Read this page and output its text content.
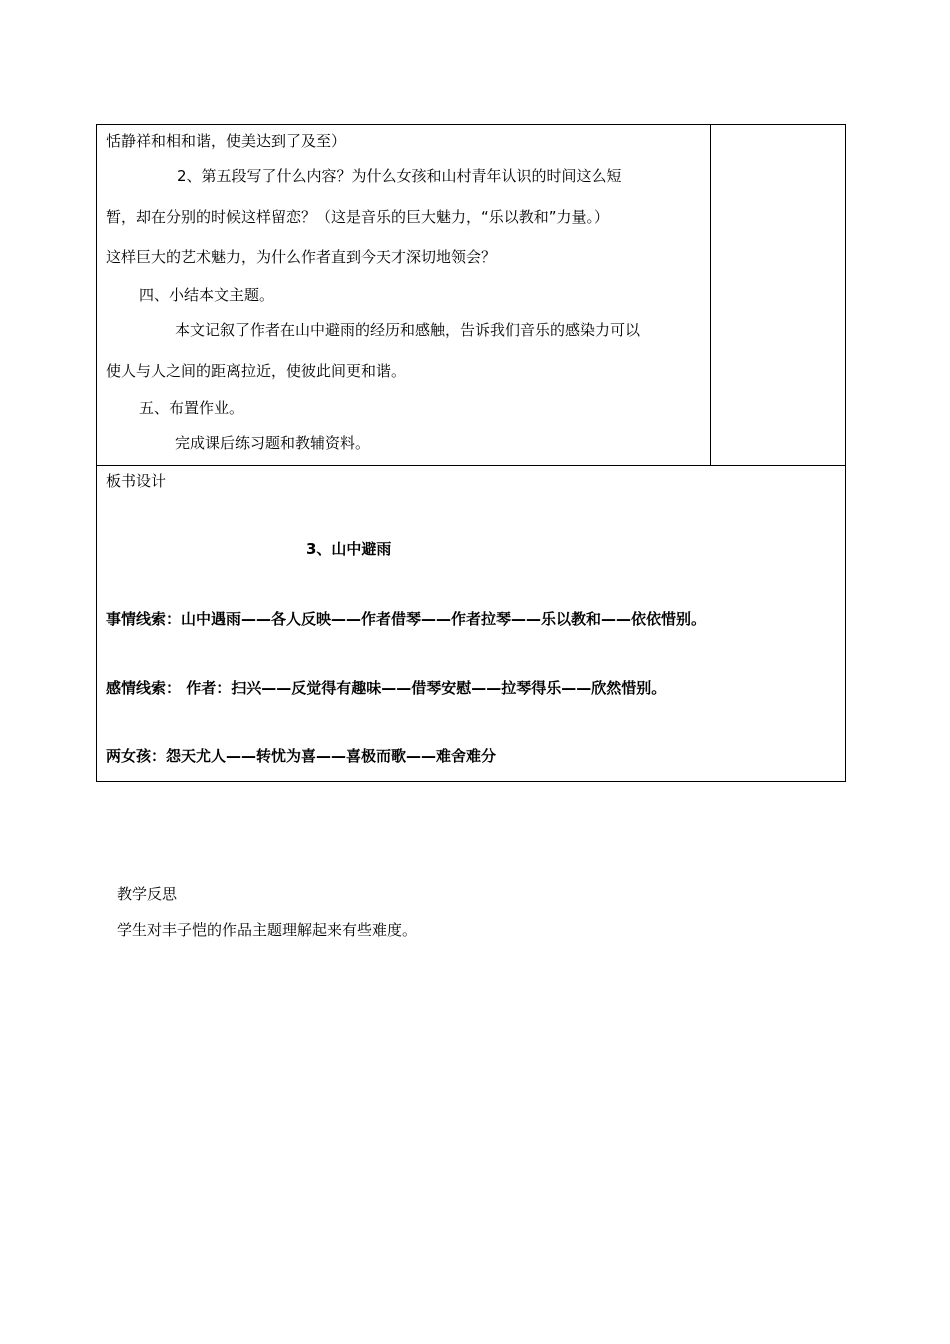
恬静祥和相和谐，使美达到了及至）
2、第五段写了什么内容？为什么女孩和山村青年认识的时间这么短
暂，却在分别的时候这样留恋？（这是音乐的巨大魅力，“乐以教和”力量。）
这样巨大的艺术魅力，为什么作者直到今天才深切地领会？
四、小结本文主题。
本文记叙了作者在山中避雨的经历和感触，告诉我们音乐的感染力可以
使人与人之间的距离拉近，使彼此间更和谐。
五、布置作业。
完成课后练习题和教辅资料。
板书设计
3、山中避雨
事情线索：山中遇雨——各人反映——作者借琴——作者拉琴——乐以教和——依依惜别。
感情线索： 作者：扫兴——反觉得有趣味——借琴安慰——拉琴得乐——欣然惜别。
两女孩：怨天尤人——转忧为喜——喜极而歌——难舍难分
教学反思
学生对丰子恺的作品主题理解起来有些难度。
